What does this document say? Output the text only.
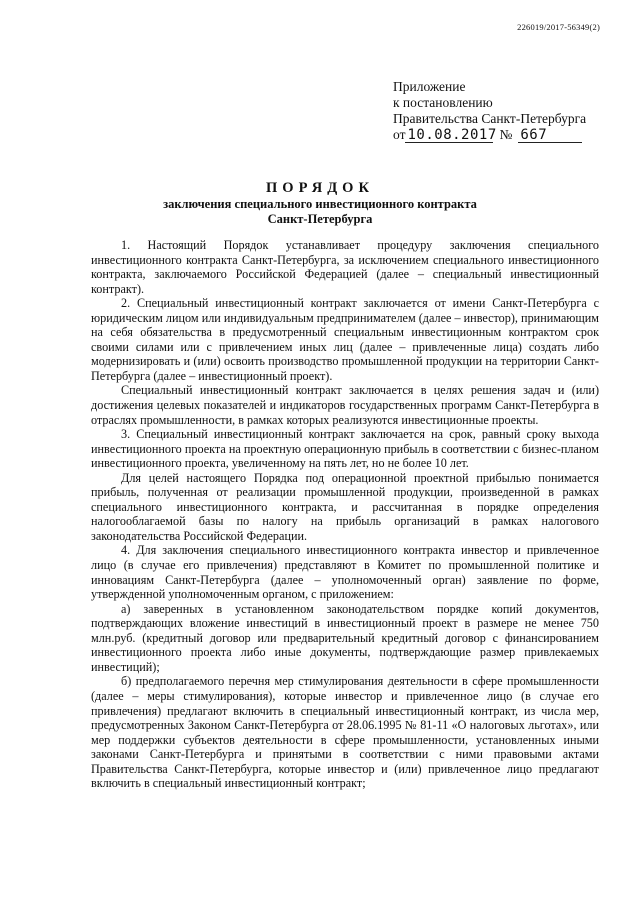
226019/2017-56349(2)
Приложение
к постановлению
Правительства Санкт-Петербурга
от 10.08.2017 № 667
ПОРЯДОК
заключения специального инвестиционного контракта
Санкт-Петербурга

1. Настоящий Порядок устанавливает процедуру заключения специального инвестиционного контракта Санкт-Петербурга, за исключением специального инвестиционного контракта, заключаемого Российской Федерацией (далее – специальный инвестиционный контракт).

2. Специальный инвестиционный контракт заключается от имени Санкт-Петербурга с юридическим лицом или индивидуальным предпринимателем (далее – инвестор), принимающим на себя обязательства в предусмотренный специальным инвестиционным контрактом срок своими силами или с привлечением иных лиц (далее – привлеченные лица) создать либо модернизировать и (или) освоить производство промышленной продукции на территории Санкт-Петербурга (далее – инвестиционный проект).

Специальный инвестиционный контракт заключается в целях решения задач и (или) достижения целевых показателей и индикаторов государственных программ Санкт-Петербурга в отраслях промышленности, в рамках которых реализуются инвестиционные проекты.

3. Специальный инвестиционный контракт заключается на срок, равный сроку выхода инвестиционного проекта на проектную операционную прибыль в соответствии с бизнес-планом инвестиционного проекта, увеличенному на пять лет, но не более 10 лет.

Для целей настоящего Порядка под операционной проектной прибылью понимается прибыль, полученная от реализации промышленной продукции, произведенной в рамках специального инвестиционного контракта, и рассчитанная в порядке определения налогооблагаемой базы по налогу на прибыль организаций в рамках налогового законодательства Российской Федерации.

4. Для заключения специального инвестиционного контракта инвестор и привлеченное лицо (в случае его привлечения) представляют в Комитет по промышленной политике и инновациям Санкт-Петербурга (далее – уполномоченный орган) заявление по форме, утвержденной уполномоченным органом, с приложением:

а) заверенных в установленном законодательством порядке копий документов, подтверждающих вложение инвестиций в инвестиционный проект в размере не менее 750 млн.руб. (кредитный договор или предварительный кредитный договор с финансированием инвестиционного проекта либо иные документы, подтверждающие размер привлекаемых инвестиций);

б) предполагаемого перечня мер стимулирования деятельности в сфере промышленности (далее – меры стимулирования), которые инвестор и привлеченное лицо (в случае его привлечения) предлагают включить в специальный инвестиционный контракт, из числа мер, предусмотренных Законом Санкт-Петербурга от 28.06.1995 № 81-11 «О налоговых льготах», или мер поддержки субъектов деятельности в сфере промышленности, установленных иными законами Санкт-Петербурга и принятыми в соответствии с ними правовыми актами Правительства Санкт-Петербурга, которые инвестор и (или) привлеченное лицо предлагают включить в специальный инвестиционный контракт;
